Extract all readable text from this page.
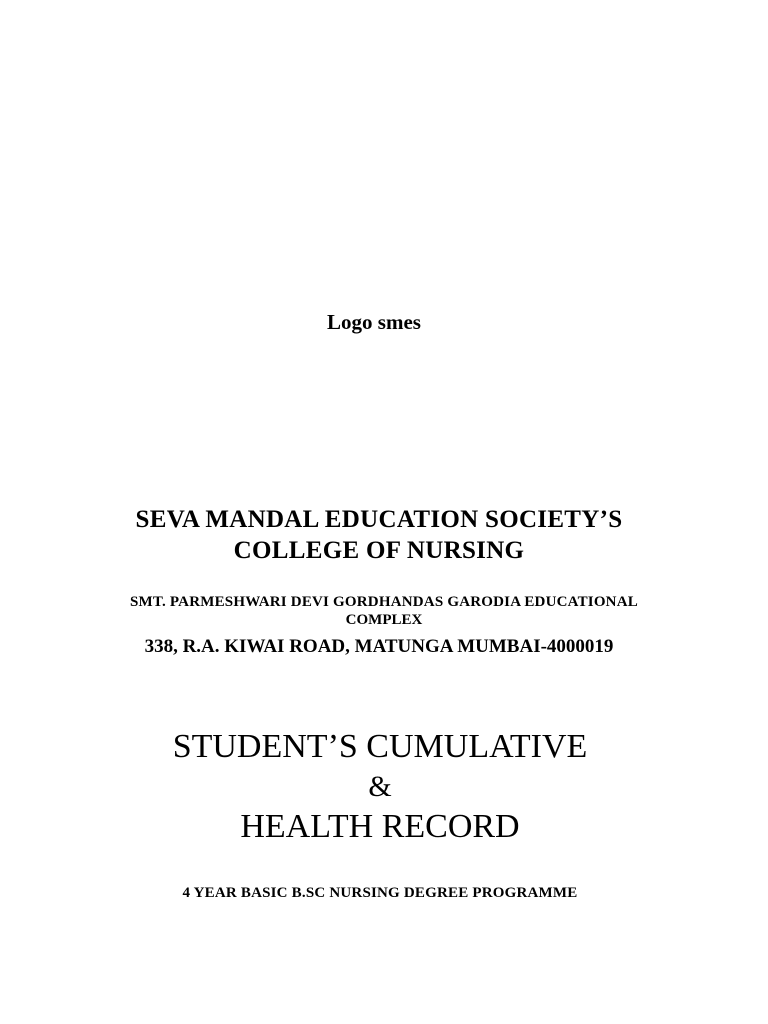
Logo smes

SEVA MANDAL EDUCATION SOCIETY’S

COLLEGE OF NURSING

SMT. PARMESHWARI DEVI GORDHANDAS GARODIA EDUCATIONAL

COMPLEX

338, R.A. KIWAI ROAD, MATUNGA MUMBAI-4000019

STUDENT’S CUMULATIVE

&

HEALTH RECORD

4 YEAR BASIC B.SC NURSING DEGREE PROGRAMME
